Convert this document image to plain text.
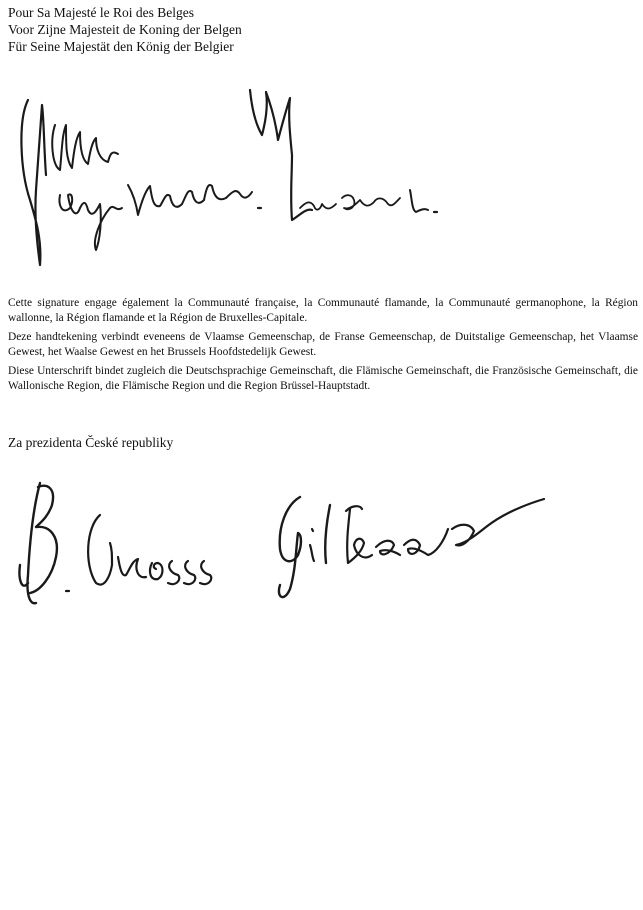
Pour Sa Majesté le Roi des Belges
Voor Zijne Majesteit de Koning der Belgen
Für Seine Majestät den König der Belgier

Cette signature engage également la Communauté française, la Communauté flamande, la Communauté germanophone, la Région wallonne, la Région flamande et la Région de Bruxelles-Capitale.

Deze handtekening verbindt eveneens de Vlaamse Gemeenschap, de Franse Gemeenschap, de Duitstalige Gemeenschap, het Vlaamse Gewest, het Waalse Gewest en het Brussels Hoofdstedelijk Gewest.

Diese Unterschrift bindet zugleich die Deutschsprachige Gemeinschaft, die Flämische Gemeinschaft, die Französische Gemeinschaft, die Wallonische Region, die Flämische Region und die Region Brüssel-Hauptstadt.

Za prezidenta České republiky
